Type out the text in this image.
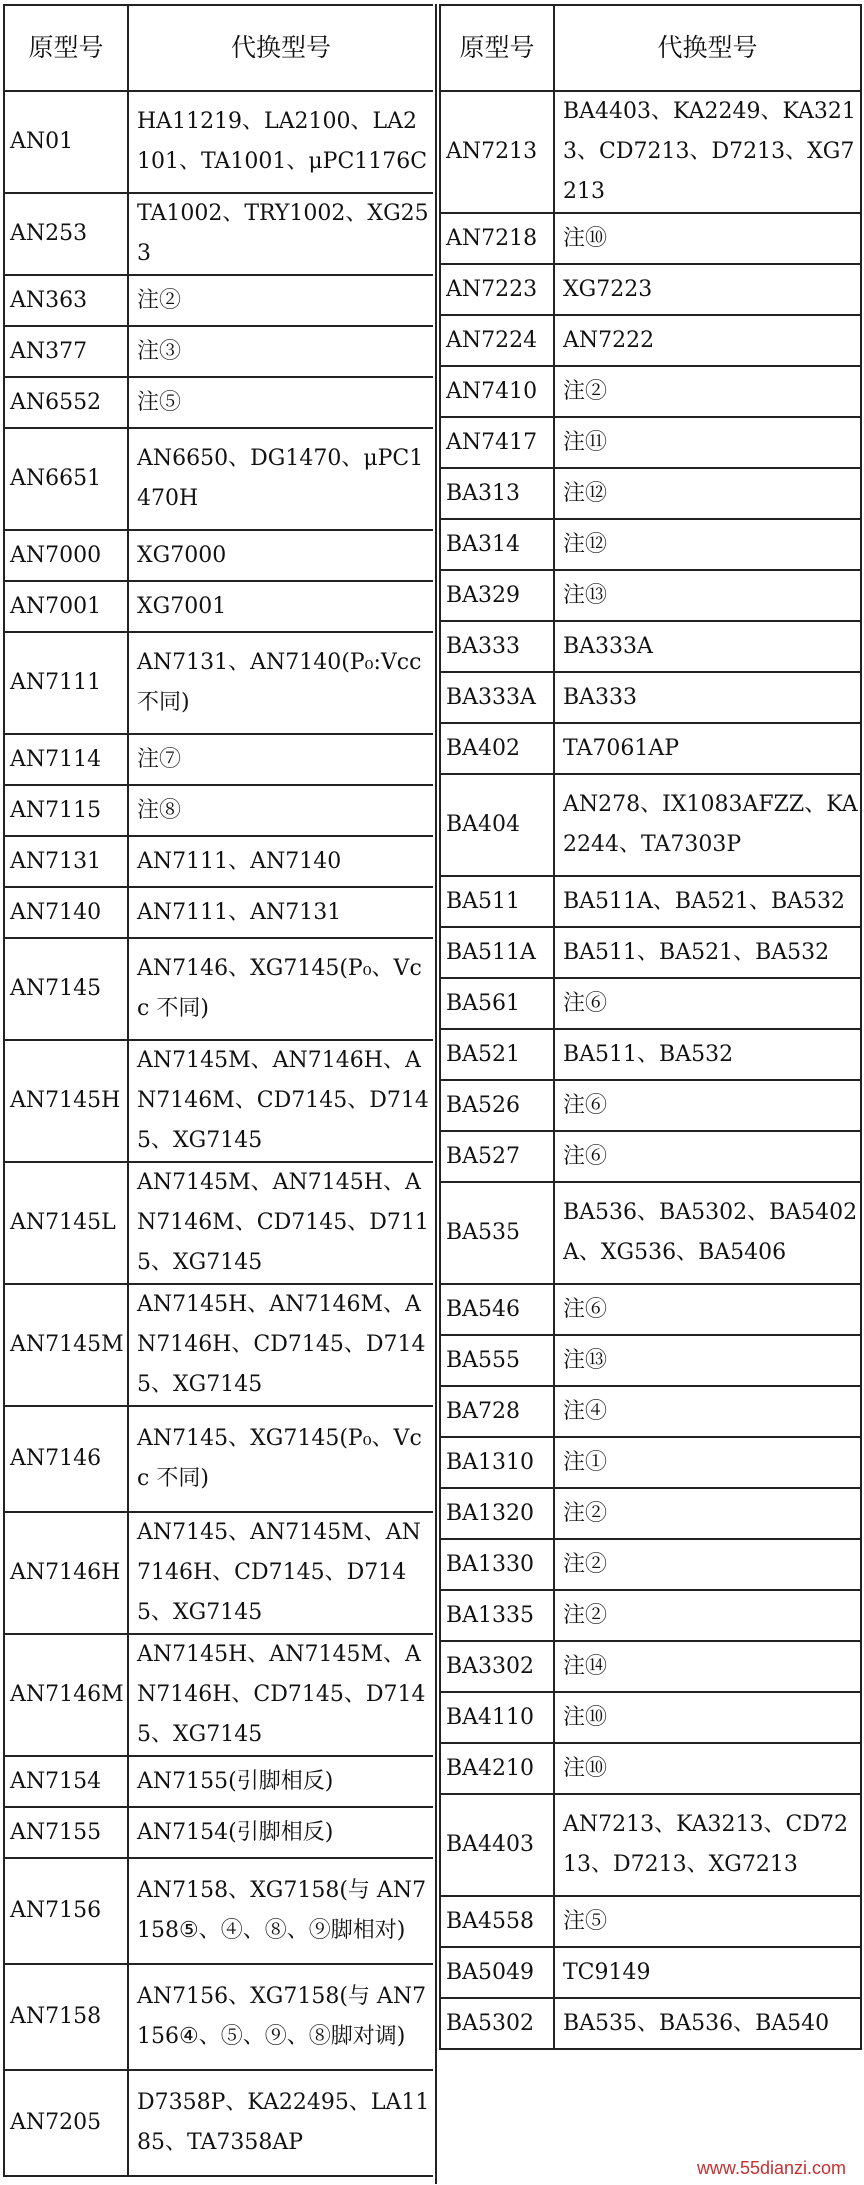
原型号	代换型号
AN01	HA11219、LA2100、LA2101、TA1001、μPC1176C
AN253	TA1002、TRY1002、XG253
AN363	注②
AN377	注③
AN6552	注⑤
AN6651	AN6650、DG1470、μPC1470H
AN7000	XG7000
AN7001	XG7001
AN7111	AN7131、AN7140(P₀:Vcc 不同)
AN7114	注⑦
AN7115	注⑧
AN7131	AN7111、AN7140
AN7140	AN7111、AN7131
AN7145	AN7146、XG7145(P₀、Vcc 不同)
AN7145H	AN7145M、AN7146H、AN7146M、CD7145、D7145、XG7145
AN7145L	AN7145M、AN7145H、AN7146M、CD7145、D7115、XG7145
AN7145M	AN7145H、AN7146M、AN7146H、CD7145、D7145、XG7145
AN7146	AN7145、XG7145(P₀、Vcc 不同)
AN7146H	AN7145、AN7145M、AN7146H、CD7145、D7145、XG7145
AN7146M	AN7145H、AN7145M、AN7146H、CD7145、D7145、XG7145
AN7154	AN7155(引脚相反)
AN7155	AN7154(引脚相反)
AN7156	AN7158、XG7158(与 AN7158⑤、④、⑧、⑨脚相对)
AN7158	AN7156、XG7158(与 AN7156④、⑤、⑨、⑧脚对调)
AN7205	D7358P、KA22495、LA1185、TA7358AP
原型号	代换型号
AN7213	BA4403、KA2249、KA3213、CD7213、D7213、XG7213
AN7218	注⑩
AN7223	XG7223
AN7224	AN7222
AN7410	注②
AN7417	注⑪
BA313	注⑫
BA314	注⑫
BA329	注⑬
BA333	BA333A
BA333A	BA333
BA402	TA7061AP
BA404	AN278、IX1083AFZZ、KA2244、TA7303P
BA511	BA511A、BA521、BA532
BA511A	BA511、BA521、BA532
BA561	注⑥
BA521	BA511、BA532
BA526	注⑥
BA527	注⑥
BA535	BA536、BA5302、BA5402A、XG536、BA5406
BA546	注⑥
BA555	注⑬
BA728	注④
BA1310	注①
BA1320	注②
BA1330	注②
BA1335	注②
BA3302	注⑭
BA4110	注⑩
BA4210	注⑩
BA4403	AN7213、KA3213、CD7213、D7213、XG7213
BA4558	注⑤
BA5049	TC9149
BA5302	BA535、BA536、BA540
www.55dianzi.com
